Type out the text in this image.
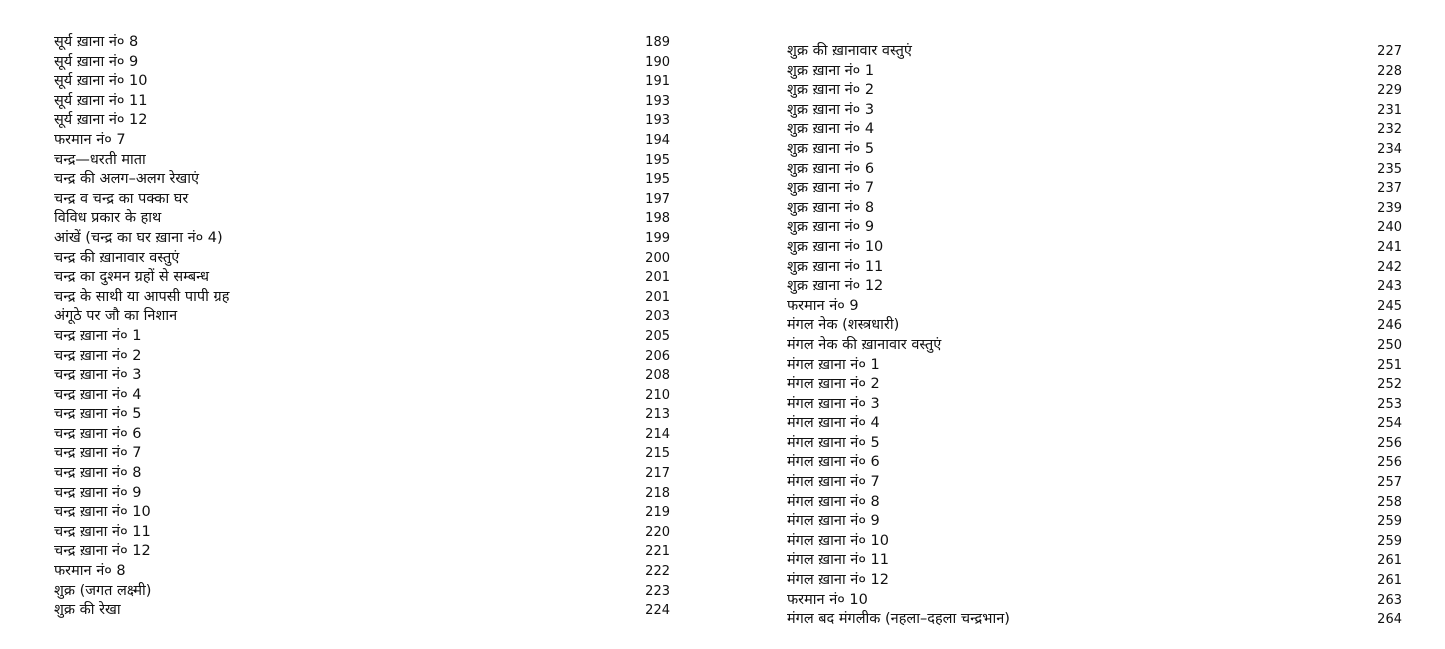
सूर्य ख़ाना नं० 8	189
सूर्य ख़ाना नं० 9	190
सूर्य ख़ाना नं० 10	191
सूर्य ख़ाना नं० 11	193
सूर्य ख़ाना नं० 12	193
फरमान नं० 7	194
चन्द्र—धरती माता	195
चन्द्र की अलग–अलग रेखाएं	195
चन्द्र व चन्द्र का पक्का घर	197
विविध प्रकार के हाथ	198
आंखें (चन्द्र का घर ख़ाना नं० 4)	199
चन्द्र की ख़ानावार वस्तुएं	200
चन्द्र का दुश्मन ग्रहों से सम्बन्ध	201
चन्द्र के साथी या आपसी पापी ग्रह	201
अंगूठे पर जौ का निशान	203
चन्द्र ख़ाना नं० 1	205
चन्द्र ख़ाना नं० 2	206
चन्द्र ख़ाना नं० 3	208
चन्द्र ख़ाना नं० 4	210
चन्द्र ख़ाना नं० 5	213
चन्द्र ख़ाना नं० 6	214
चन्द्र ख़ाना नं० 7	215
चन्द्र ख़ाना नं० 8	217
चन्द्र ख़ाना नं० 9	218
चन्द्र ख़ाना नं० 10	219
चन्द्र ख़ाना नं० 11	220
चन्द्र ख़ाना नं० 12	221
फरमान नं० 8	222
शुक्र (जगत लक्ष्मी)	223
शुक्र की रेखा	224
शुक्र की ख़ानावार वस्तुएं	227
शुक्र ख़ाना नं० 1	228
शुक्र ख़ाना नं० 2	229
शुक्र ख़ाना नं० 3	231
शुक्र ख़ाना नं० 4	232
शुक्र ख़ाना नं० 5	234
शुक्र ख़ाना नं० 6	235
शुक्र ख़ाना नं० 7	237
शुक्र ख़ाना नं० 8	239
शुक्र ख़ाना नं० 9	240
शुक्र ख़ाना नं० 10	241
शुक्र ख़ाना नं० 11	242
शुक्र ख़ाना नं० 12	243
फरमान नं० 9	245
मंगल नेक (शस्त्रधारी)	246
मंगल नेक की ख़ानावार वस्तुएं	250
मंगल ख़ाना नं० 1	251
मंगल ख़ाना नं० 2	252
मंगल ख़ाना नं० 3	253
मंगल ख़ाना नं० 4	254
मंगल ख़ाना नं० 5	256
मंगल ख़ाना नं० 6	256
मंगल ख़ाना नं० 7	257
मंगल ख़ाना नं० 8	258
मंगल ख़ाना नं० 9	259
मंगल ख़ाना नं० 10	259
मंगल ख़ाना नं० 11	261
मंगल ख़ाना नं० 12	261
फरमान नं० 10	263
मंगल बद मंगलीक (नहला–दहला चन्द्रभान)	264
